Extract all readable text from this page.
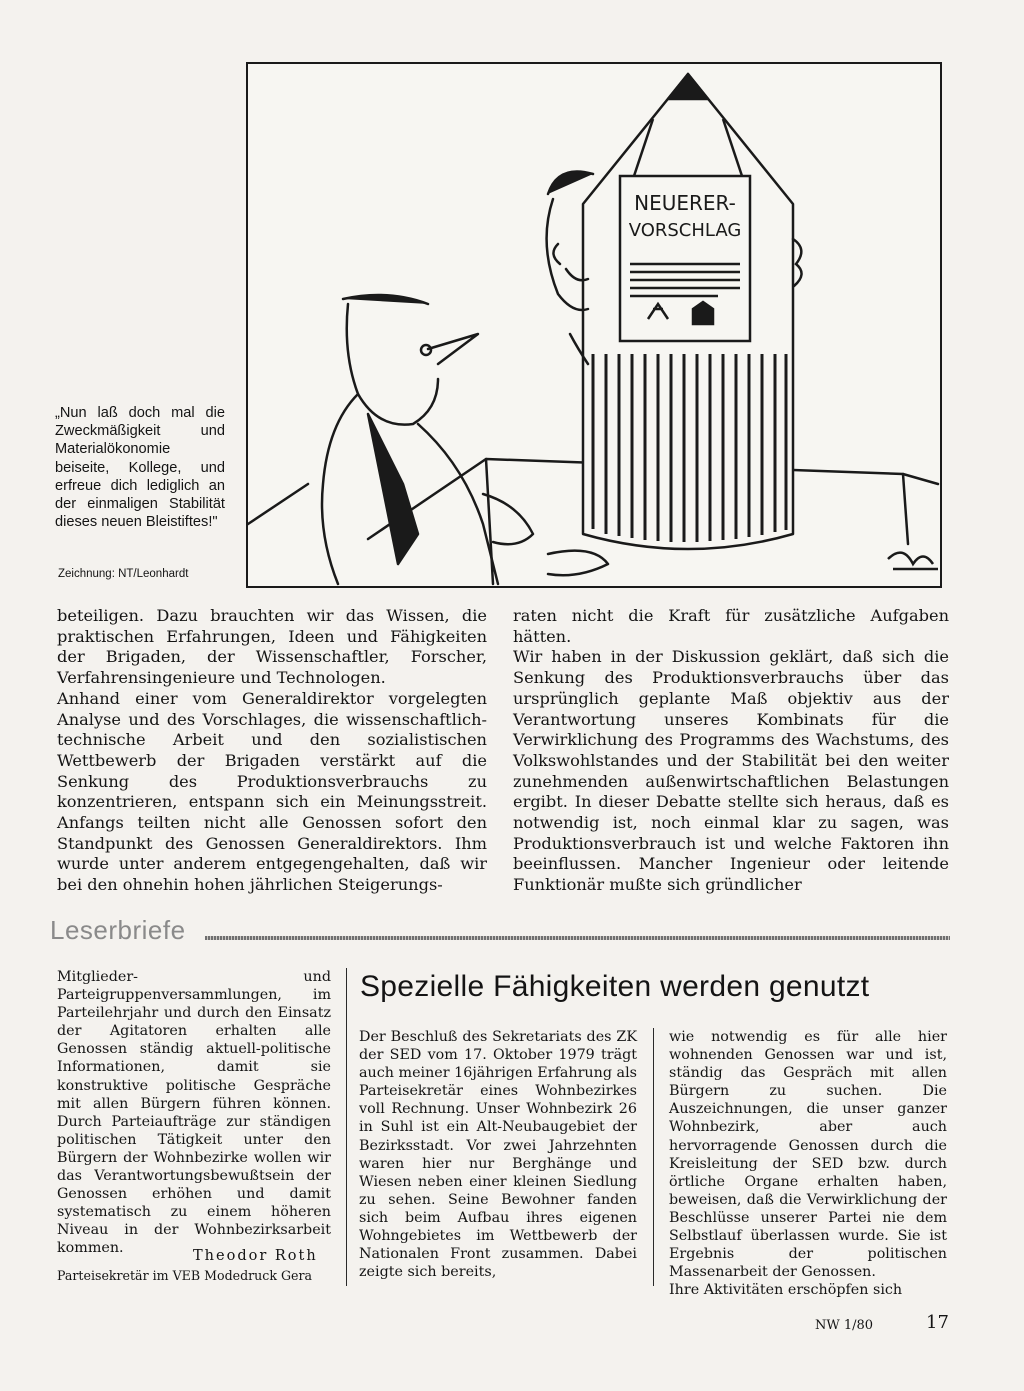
NEUERER-
VORSCHLAG
„Nun laß doch mal die Zweckmäßigkeit und Materialökonomie beiseite, Kollege, und erfreue dich lediglich an der einmaligen Stabilität dieses neuen Bleistiftes!"
Zeichnung: NT/Leonhardt

beteiligen. Dazu brauchten wir das Wissen, die praktischen Erfahrungen, Ideen und Fähigkeiten der Brigaden, der Wissenschaftler, Forscher, Verfahrensingenieure und Technologen.

Anhand einer vom Generaldirektor vorgelegten Analyse und des Vorschlages, die wissenschaftlich-technische Arbeit und den sozialistischen Wettbewerb der Brigaden verstärkt auf die Senkung des Produktionsverbrauchs zu konzentrieren, entspann sich ein Meinungsstreit. Anfangs teilten nicht alle Genossen sofort den Standpunkt des Genossen Generaldirektors. Ihm wurde unter anderem entgegengehalten, daß wir bei den ohnehin hohen jährlichen Steigerungs-

raten nicht die Kraft für zusätzliche Aufgaben hätten.

Wir haben in der Diskussion geklärt, daß sich die Senkung des Produktionsverbrauchs über das ursprünglich geplante Maß objektiv aus der Verantwortung unseres Kombinats für die Verwirklichung des Programms des Wachstums, des Volkswohlstandes und der Stabilität bei den weiter zunehmenden außenwirtschaftlichen Belastungen ergibt. In dieser Debatte stellte sich heraus, daß es notwendig ist, noch einmal klar zu sagen, was Produktionsverbrauch ist und welche Faktoren ihn beeinflussen. Mancher Ingenieur oder leitende Funktionär mußte sich gründlicher

Leserbriefe

Mitglieder- und Parteigruppenversammlungen, im Parteilehrjahr und durch den Einsatz der Agitatoren erhalten alle Genossen ständig aktuell-politische Informationen, damit sie konstruktive politische Gespräche mit allen Bürgern führen können. Durch Parteiaufträge zur ständigen politischen Tätigkeit unter den Bürgern der Wohnbezirke wollen wir das Verantwortungsbewußtsein der Genossen erhöhen und damit systematisch zu einem höheren Niveau in der Wohnbezirksarbeit kommen.	Theodor Roth
Parteisekretär im VEB Modedruck Gera
Spezielle Fähigkeiten werden genutzt

Der Beschluß des Sekretariats des ZK der SED vom 17. Oktober 1979 trägt auch meiner 16jährigen Erfahrung als Parteisekretär eines Wohnbezirkes voll Rechnung. Unser Wohnbezirk 26 in Suhl ist ein Alt-Neubaugebiet der Bezirksstadt. Vor zwei Jahrzehnten waren hier nur Berghänge und Wiesen neben einer kleinen Siedlung zu sehen. Seine Bewohner fanden sich beim Aufbau ihres eigenen Wohngebietes im Wettbewerb der Nationalen Front zusammen. Dabei zeigte sich bereits,

wie notwendig es für alle hier wohnenden Genossen war und ist, ständig das Gespräch mit allen Bürgern zu suchen. Die Auszeichnungen, die unser ganzer Wohnbezirk, aber auch hervorragende Genossen durch die Kreisleitung der SED bzw. durch örtliche Organe erhalten haben, beweisen, daß die Verwirklichung der Beschlüsse unserer Partei nie dem Selbstlauf überlassen wurde. Sie ist Ergebnis der politischen Massenarbeit der Genossen.

Ihre Aktivitäten erschöpfen sich

NW 1/80	17
